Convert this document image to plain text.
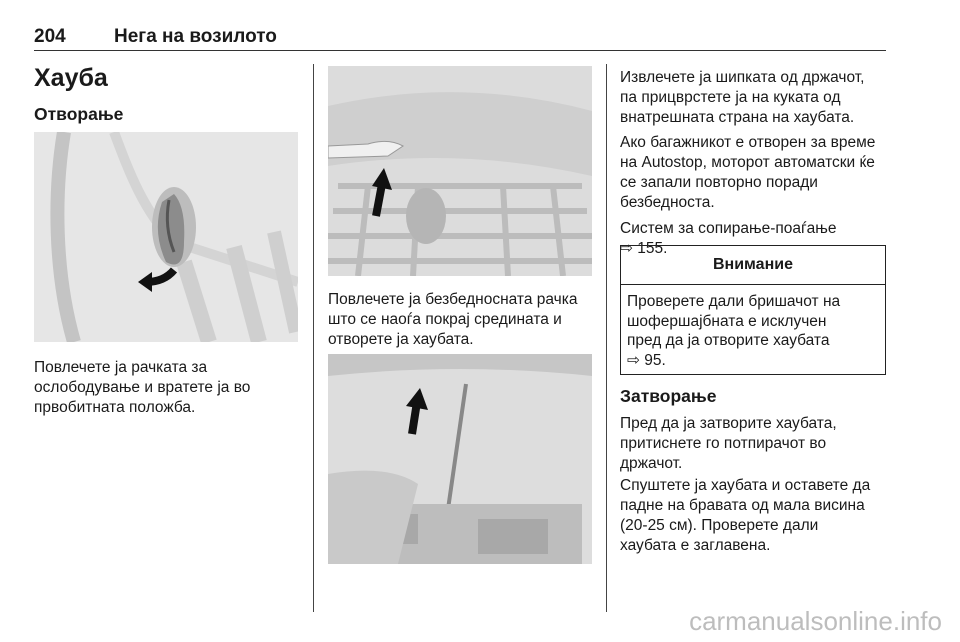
204	Нега на возилото
Хауба
Отворање
Повлечете ја рачката за
ослободување и вратете ја во
првобитната положба.
Повлечете ја безбедносната рачка
што се наоѓа покрај средината и
отворете ја хаубата.
Извлечете ја шипката од држачот,
па прицврстете ја на куката од
внатрешната страна на хаубата.
Ако багажникот е отворен за време
на Autostop, моторот автоматски ќе
се запали повторно поради
безбедноста.
Систем за сопирање-поаѓање
⇨ 155.
Внимание
Проверете дали бришачот на
шофершајбната е исклучен
пред да ја отворите хаубата
⇨ 95.
Затворање
Пред да ја затворите хаубата,
притиснете го потпирачот во
држачот.
Спуштете ја хаубата и оставете да
падне на бравата од мала висина
(20-25 см). Проверете дали
хаубата е заглавена.
carmanualsonline.info
